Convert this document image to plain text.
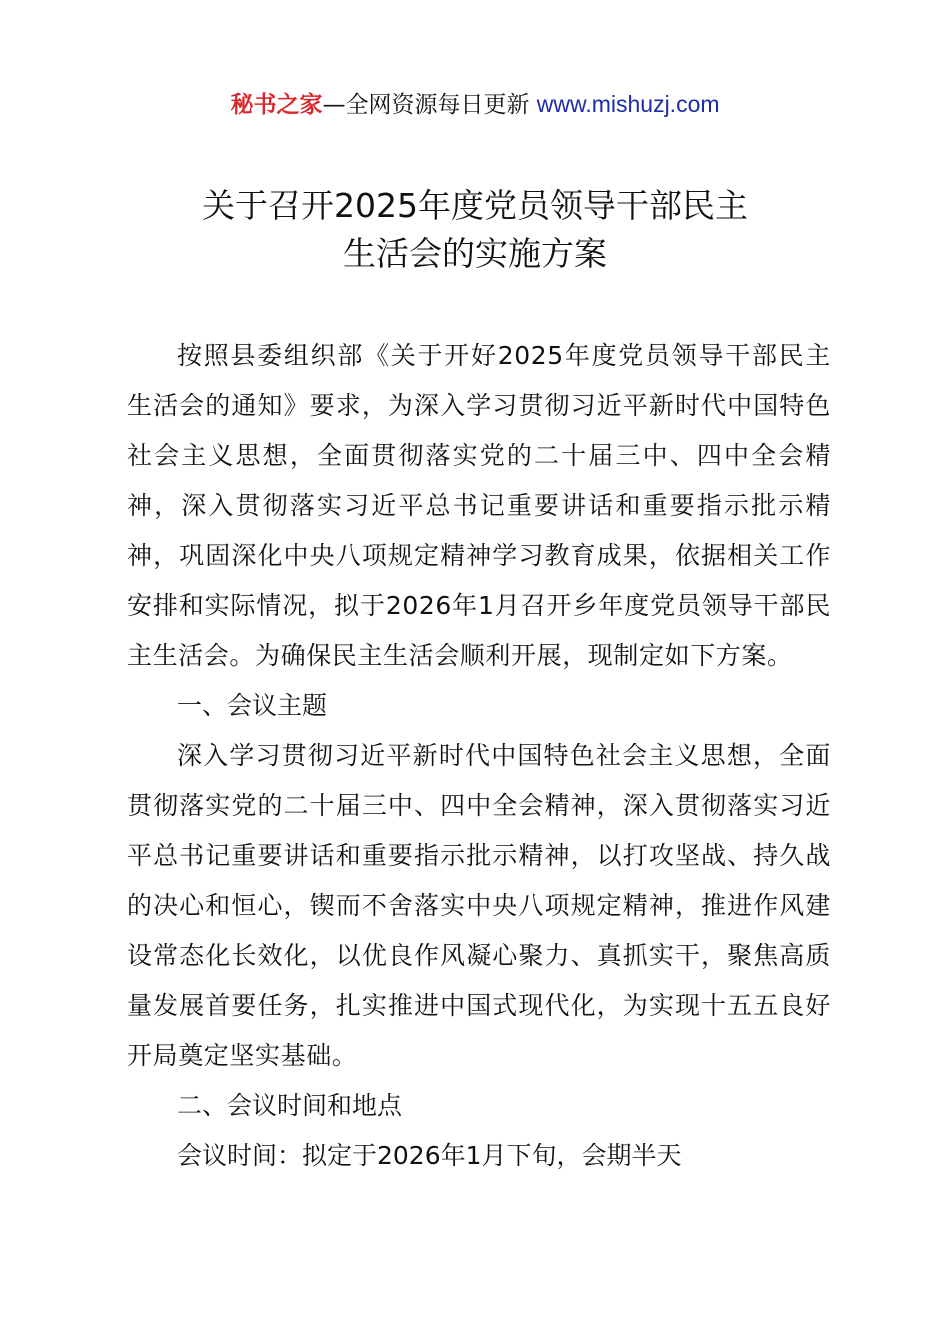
秘书之家—全网资源每日更新 www.mishuzj.com
关于召开2025年度党员领导干部民主
生活会的实施方案

按照县委组织部《关于开好2025年度党员领导干部民主生活会的通知》要求，为深入学习贯彻习近平新时代中国特色社会主义思想，全面贯彻落实党的二十届三中、四中全会精神，深入贯彻落实习近平总书记重要讲话和重要指示批示精神，巩固深化中央八项规定精神学习教育成果，依据相关工作安排和实际情况，拟于2026年1月召开乡年度党员领导干部民主生活会。为确保民主生活会顺利开展，现制定如下方案。

一、会议主题

深入学习贯彻习近平新时代中国特色社会主义思想，全面贯彻落实党的二十届三中、四中全会精神，深入贯彻落实习近平总书记重要讲话和重要指示批示精神，以打攻坚战、持久战的决心和恒心，锲而不舍落实中央八项规定精神，推进作风建设常态化长效化，以优良作风凝心聚力、真抓实干，聚焦高质量发展首要任务，扎实推进中国式现代化，为实现十五五良好开局奠定坚实基础。

二、会议时间和地点

会议时间：拟定于2026年1月下旬，会期半天
